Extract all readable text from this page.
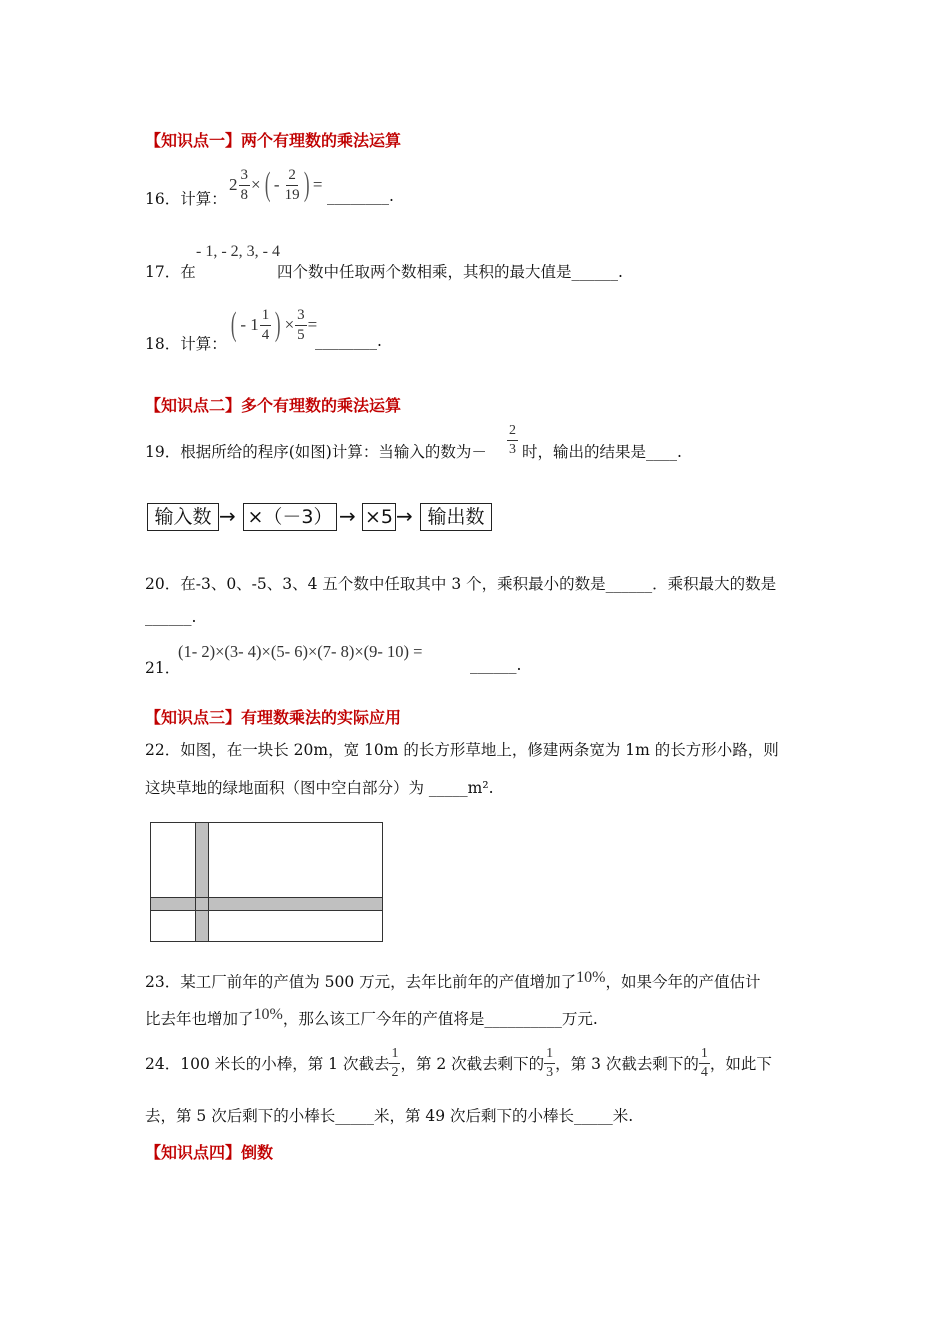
【知识点一】两个有理数的乘法运算
16．计算：
$2 \frac{3}{8}$ × ( - $\frac{2}{19}$ ) =
________.
17．在
- 1, - 2, 3, - 4
四个数中任取两个数相乘，其积的最大值是______.
18．计算：
( - $1 \frac{1}{4}$ ) × $\frac{3}{5}$ =
________.
【知识点二】多个有理数的乘法运算
19．根据所给的程序(如图)计算：当输入的数为－ $\frac{2}{3}$ 时，输出的结果是____.
输入数 → ×（－3） → ×5 → 输出数
20．在-3、0、-5、3、4 五个数中任取其中 3 个，乘积最小的数是______．乘积最大的数是
______.
21．
(1- 2)×(3- 4)×(5- 6)×(7- 8)×(9- 10) =
______.
【知识点三】有理数乘法的实际应用
22．如图，在一块长 20m，宽 10m 的长方形草地上，修建两条宽为 1m 的长方形小路，则
这块草地的绿地面积（图中空白部分）为 _____m².
23．某工厂前年的产值为 500 万元，去年比前年的产值增加了10%，如果今年的产值估计
比去年也增加了10%，那么该工厂今年的产值将是__________万元.
24．100 米长的小棒，第 1 次截去 $\frac{1}{2}$ ，第 2 次截去剩下的 $\frac{1}{3}$ ，第 3 次截去剩下的 $\frac{1}{4}$ ，如此下
去，第 5 次后剩下的小棒长_____米，第 49 次后剩下的小棒长_____米.
【知识点四】倒数
